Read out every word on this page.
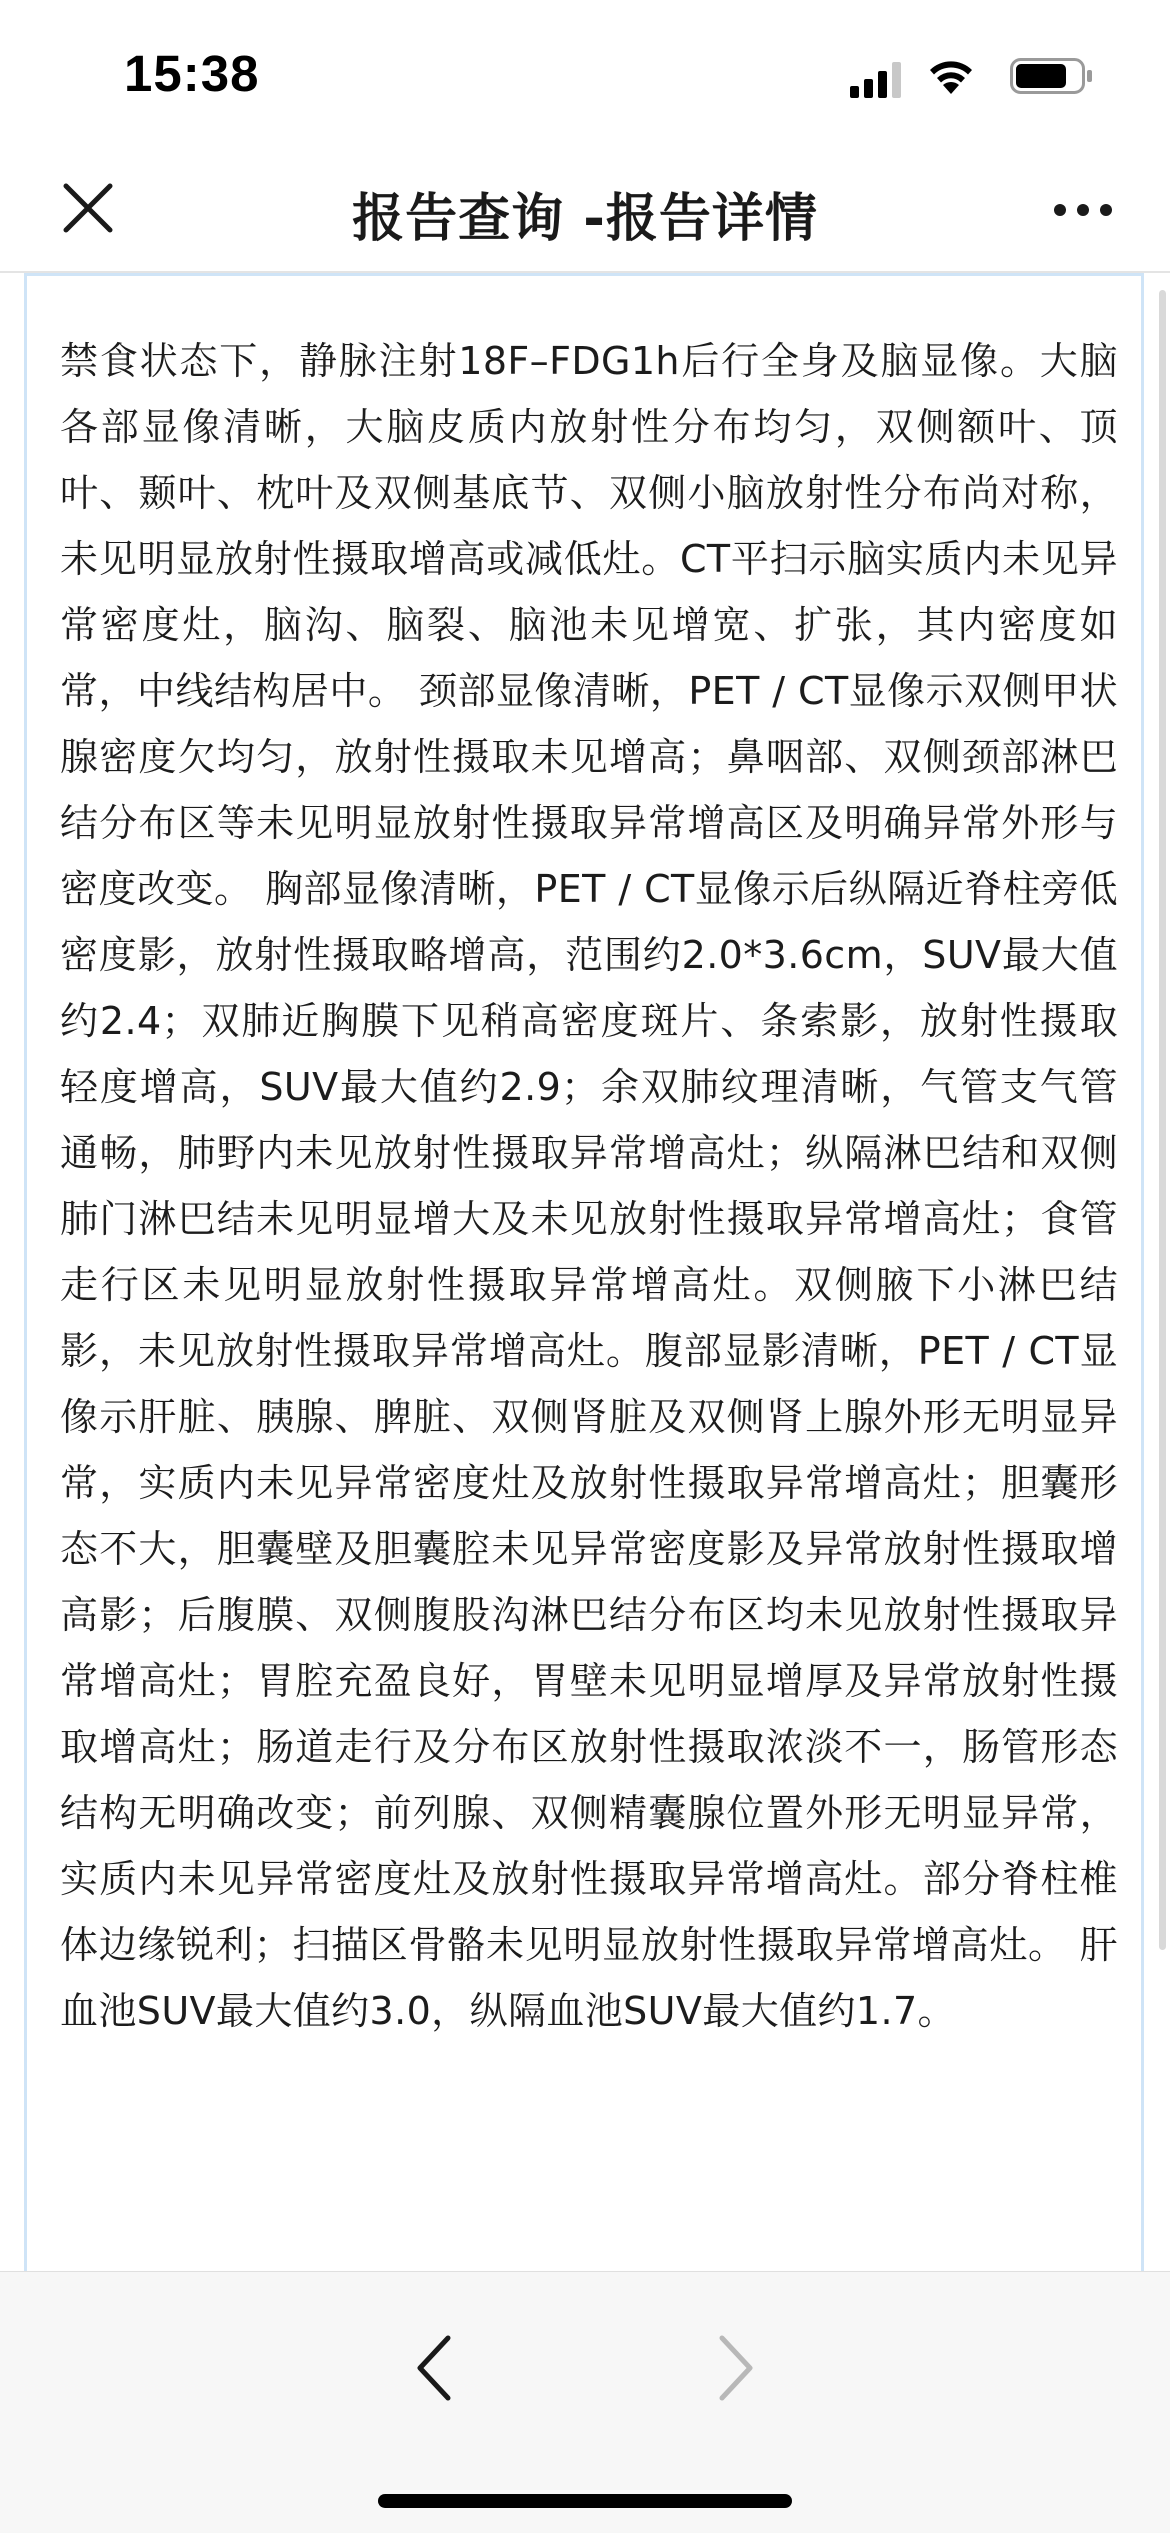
15:38
报告查询 -报告详情
禁食状态下，静脉注射18F–FDG1h后行全身及脑显像。大脑各部显像清晰，大脑皮质内放射性分布均匀，双侧额叶、顶叶、颞叶、枕叶及双侧基底节、双侧小脑放射性分布尚对称，未见明显放射性摄取增高或减低灶。CT平扫示脑实质内未见异常密度灶，脑沟、脑裂、脑池未见增宽、扩张，其内密度如常，中线结构居中。 颈部显像清晰，PET / CT显像示双侧甲状腺密度欠均匀，放射性摄取未见增高；鼻咽部、双侧颈部淋巴结分布区等未见明显放射性摄取异常增高区及明确异常外形与密度改变。 胸部显像清晰，PET / CT显像示后纵隔近脊柱旁低密度影，放射性摄取略增高，范围约2.0*3.6cm，SUV最大值约2.4；双肺近胸膜下见稍高密度斑片、条索影，放射性摄取轻度增高，SUV最大值约2.9；余双肺纹理清晰，气管支气管通畅，肺野内未见放射性摄取异常增高灶；纵隔淋巴结和双侧肺门淋巴结未见明显增大及未见放射性摄取异常增高灶；食管走行区未见明显放射性摄取异常增高灶。双侧腋下小淋巴结影，未见放射性摄取异常增高灶。腹部显影清晰，PET / CT显像示肝脏、胰腺、脾脏、双侧肾脏及双侧肾上腺外形无明显异常，实质内未见异常密度灶及放射性摄取异常增高灶；胆囊形态不大，胆囊壁及胆囊腔未见异常密度影及异常放射性摄取增高影；后腹膜、双侧腹股沟淋巴结分布区均未见放射性摄取异常增高灶；胃腔充盈良好，胃壁未见明显增厚及异常放射性摄取增高灶；肠道走行及分布区放射性摄取浓淡不一，肠管形态结构无明确改变；前列腺、双侧精囊腺位置外形无明显异常，实质内未见异常密度灶及放射性摄取异常增高灶。部分脊柱椎体边缘锐利；扫描区骨骼未见明显放射性摄取异常增高灶。 肝血池SUV最大值约3.0，纵隔血池SUV最大值约1.7。
